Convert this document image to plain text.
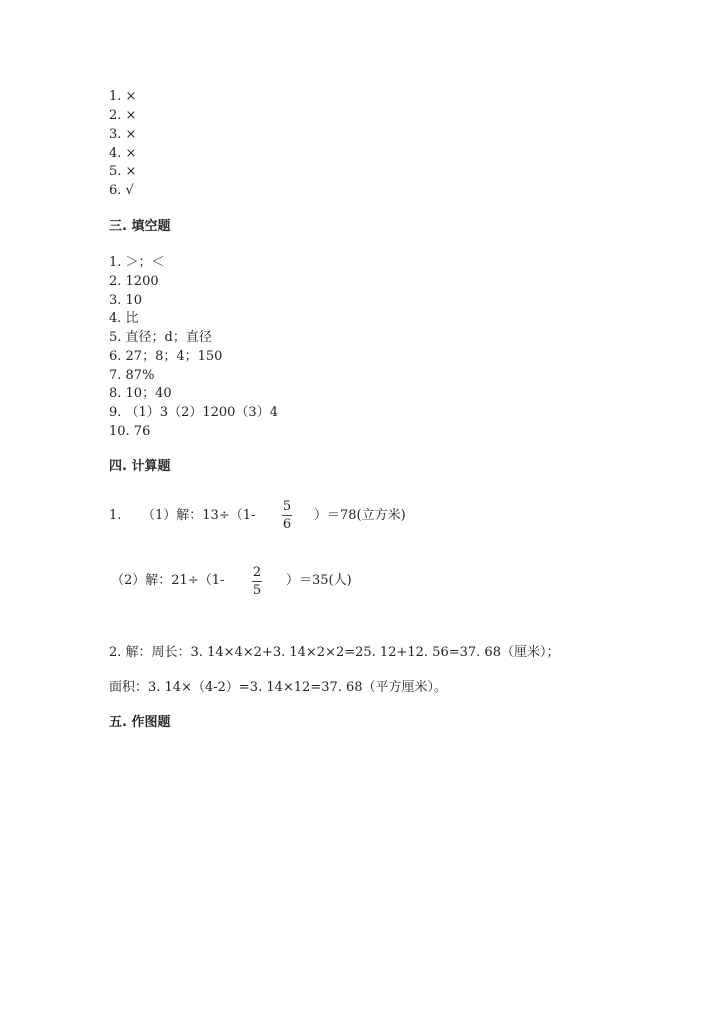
1. ×
2. ×
3. ×
4. ×
5. ×
6. √
三. 填空题
1. ＞；＜
2. 1200
3. 10
4. 比
5. 直径；d；直径
6. 27；8；4；150
7. 87%
8. 10；40
9. （1）3（2）1200（3）4
10. 76
四. 计算题
1. （1）解：13÷（1-
5
6
）＝78(立方米)
（2）解：21÷（1-
2
5
）＝35(人)
2. 解：周长：3. 14×4×2+3. 14×2×2=25. 12+12. 56=37. 68（厘米）；
面积：3. 14×（4-2）=3. 14×12=37. 68（平方厘米）。
五. 作图题
